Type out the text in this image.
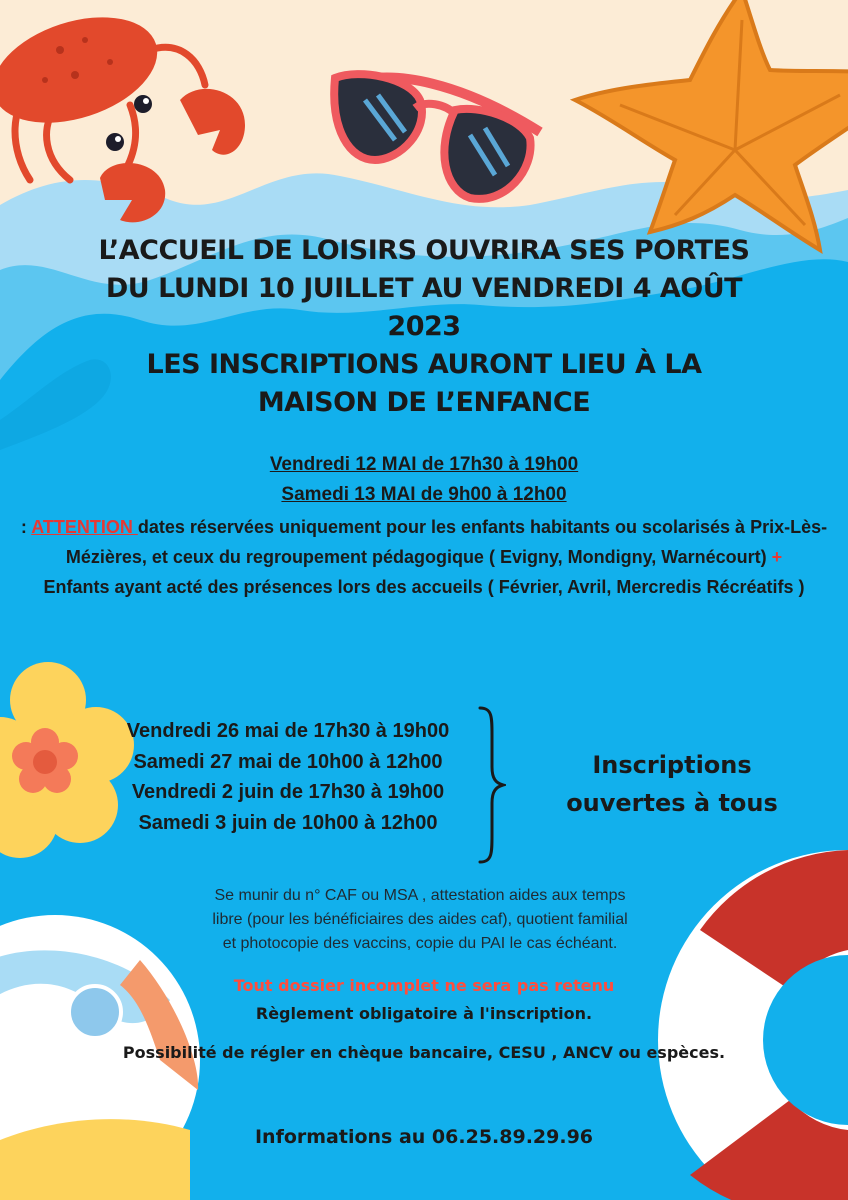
L’ACCUEIL DE LOISIRS OUVRIRA SES PORTES
DU LUNDI 10 JUILLET AU VENDREDI 4 AOÛT
2023
LES INSCRIPTIONS AURONT LIEU À LA
MAISON DE L’ENFANCE
Vendredi 12 MAI de 17h30 à 19h00
Samedi 13 MAI de 9h00 à 12h00

: ATTENTION dates réservées uniquement pour les enfants habitants ou scolarisés à Prix-Lès-Mézières, et ceux du regroupement pédagogique ( Evigny, Mondigny, Warnécourt) +
Enfants ayant acté des présences lors des accueils ( Février, Avril, Mercredis Récréatifs )

Vendredi 26 mai de 17h30 à 19h00
Samedi 27 mai de 10h00 à 12h00
Vendredi 2 juin de 17h30 à 19h00
Samedi 3 juin de 10h00 à 12h00
Inscriptions
ouvertes à tous
Se munir du n° CAF ou MSA , attestation aides aux temps
libre (pour les bénéficiaires des aides caf), quotient familial
et photocopie des vaccins, copie du PAI le cas échéant.
Tout dossier incomplet ne sera pas retenu
Règlement obligatoire à l'inscription.
Possibilité de régler en chèque bancaire, CESU , ANCV ou espèces.
Informations au 06.25.89.29.96
